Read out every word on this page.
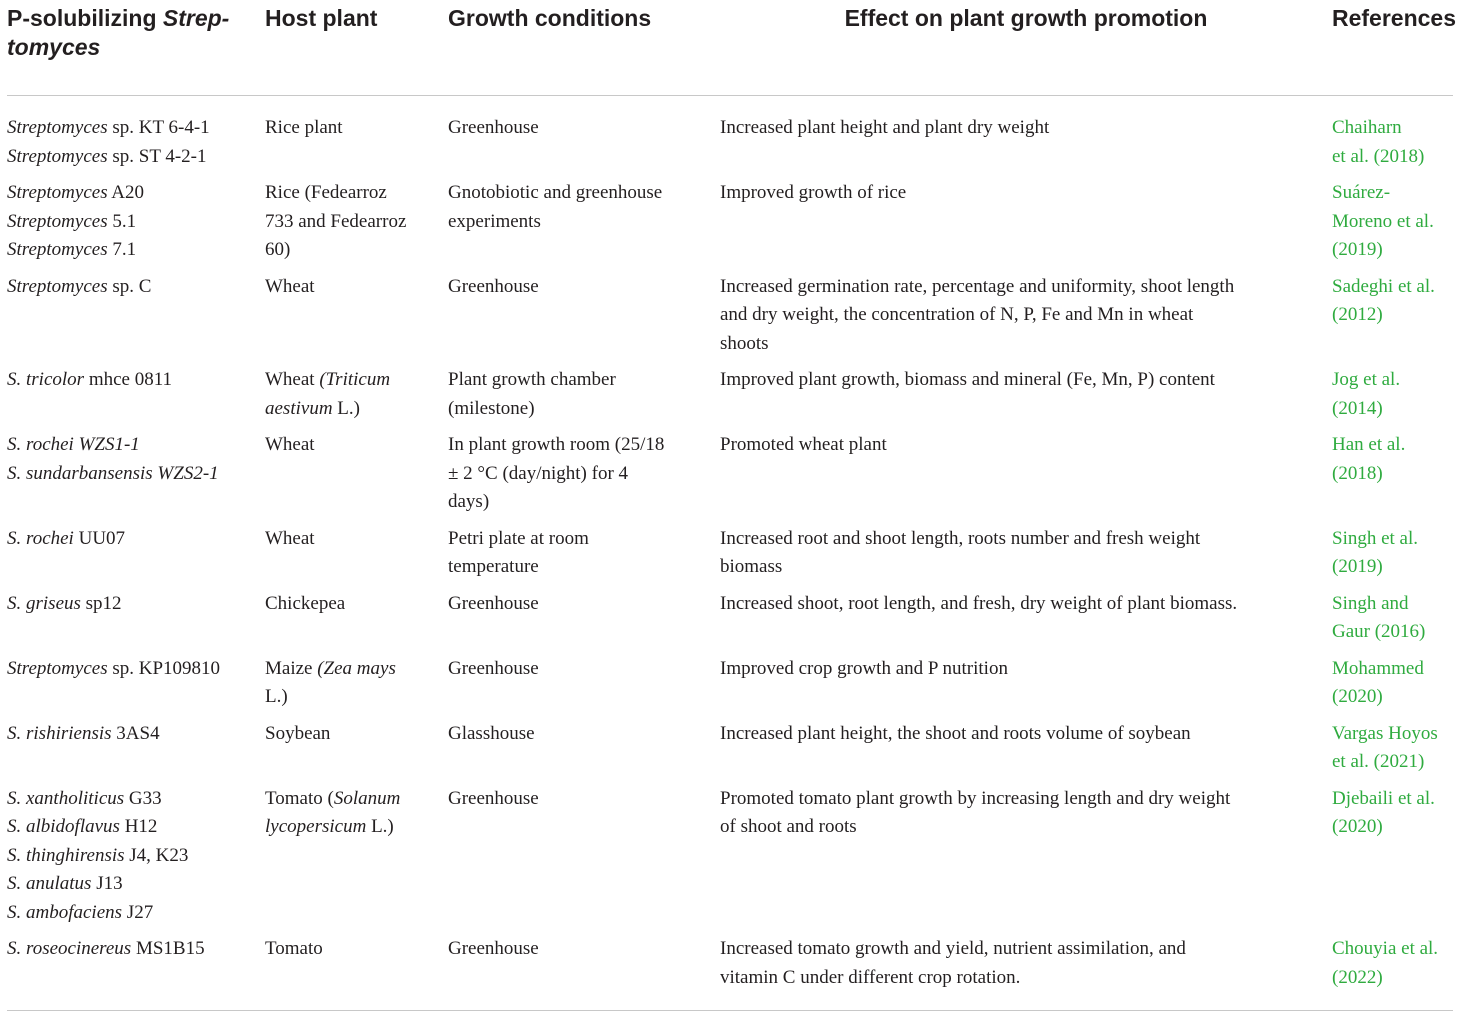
P-solubilizing Strep-
tomyces	Host plant	Growth conditions	Effect on plant growth promotion	References

Streptomyces sp. KT 6-4-1
Streptomyces sp. ST 4-2-1	Rice plant	Greenhouse	Increased plant height and plant dry weight	Chaiharn
et al. (2018)

Streptomyces A20
Streptomyces 5.1
Streptomyces 7.1	Rice (Fedearroz
733 and Fedearroz
60)	Gnotobiotic and greenhouse
experiments	Improved growth of rice	Suárez-
Moreno et al.
(2019)

Streptomyces sp. C	Wheat	Greenhouse	Increased germination rate, percentage and uniformity, shoot length
and dry weight, the concentration of N, P, Fe and Mn in wheat
shoots	Sadeghi et al.
(2012)

S. tricolor mhce 0811	Wheat (Triticum
aestivum L.)	Plant growth chamber
(milestone)	Improved plant growth, biomass and mineral (Fe, Mn, P) content	Jog et al.
(2014)

S. rochei WZS1-1
S. sundarbansensis WZS2-1	Wheat	In plant growth room (25/18
± 2 °C (day/night) for 4
days)	Promoted wheat plant	Han et al.
(2018)

S. rochei UU07	Wheat	Petri plate at room
temperature	Increased root and shoot length, roots number and fresh weight
biomass	Singh et al.
(2019)

S. griseus sp12	Chickepea	Greenhouse	Increased shoot, root length, and fresh, dry weight of plant biomass.	Singh and
Gaur (2016)

Streptomyces sp. KP109810	Maize (Zea mays
L.)	Greenhouse	Improved crop growth and P nutrition	Mohammed
(2020)

S. rishiriensis 3AS4	Soybean	Glasshouse	Increased plant height, the shoot and roots volume of soybean	Vargas Hoyos
et al. (2021)

S. xantholiticus G33
S. albidoflavus H12
S. thinghirensis J4, K23
S. anulatus J13
S. ambofaciens J27	Tomato (Solanum
lycopersicum L.)	Greenhouse	Promoted tomato plant growth by increasing length and dry weight
of shoot and roots	Djebaili et al.
(2020)

S. roseocinereus MS1B15	Tomato	Greenhouse	Increased tomato growth and yield, nutrient assimilation, and
vitamin C under different crop rotation.	Chouyia et al.
(2022)
